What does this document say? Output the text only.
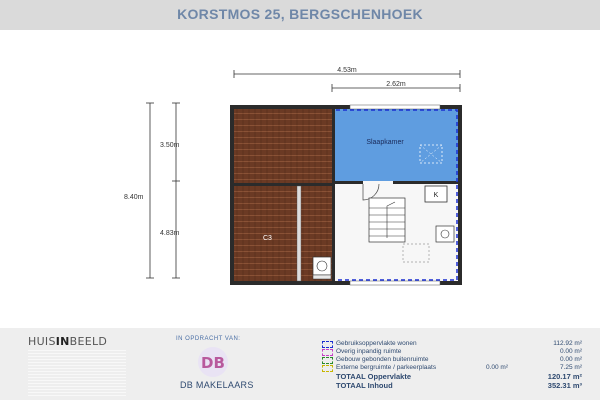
KORSTMOS 25, BERGSCHENHOEK
4.53m
2.62m
8.40m
3.50m
4.83m
Slaapkamer
K
C3
HUISINBEELD	IN OPDRACHT VAN:
DB
DB MAKELAARS
Gebruiksoppervlakte wonen	112.92 m²
Overig inpandig ruimte	0.00 m²
Gebouw gebonden buitenruimte	0.00 m²
Externe bergruimte / parkeerplaats	0.00 m²	7.25 m²
TOTAAL Oppervlakte	120.17 m²
TOTAAL Inhoud	352.31 m³
